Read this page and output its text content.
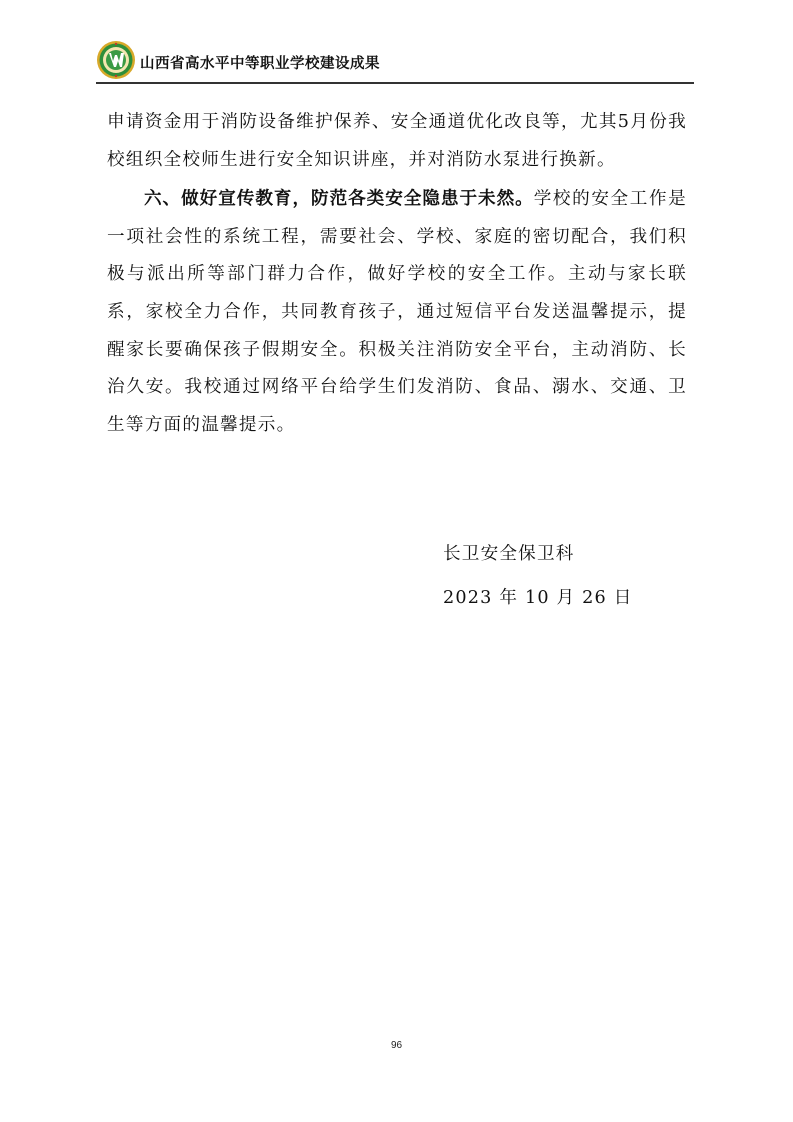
山西省高水平中等职业学校建设成果

申请资金用于消防设备维护保养、安全通道优化改良等，尤其5月份我校组织全校师生进行安全知识讲座，并对消防水泵进行换新。

六、做好宣传教育，防范各类安全隐患于未然。学校的安全工作是一项社会性的系统工程，需要社会、学校、家庭的密切配合，我们积极与派出所等部门群力合作，做好学校的安全工作。主动与家长联系，家校全力合作，共同教育孩子，通过短信平台发送温馨提示，提醒家长要确保孩子假期安全。积极关注消防安全平台，主动消防、长治久安。我校通过网络平台给学生们发消防、食品、溺水、交通、卫生等方面的温馨提示。

长卫安全保卫科
2023 年 10 月 26 日
96
